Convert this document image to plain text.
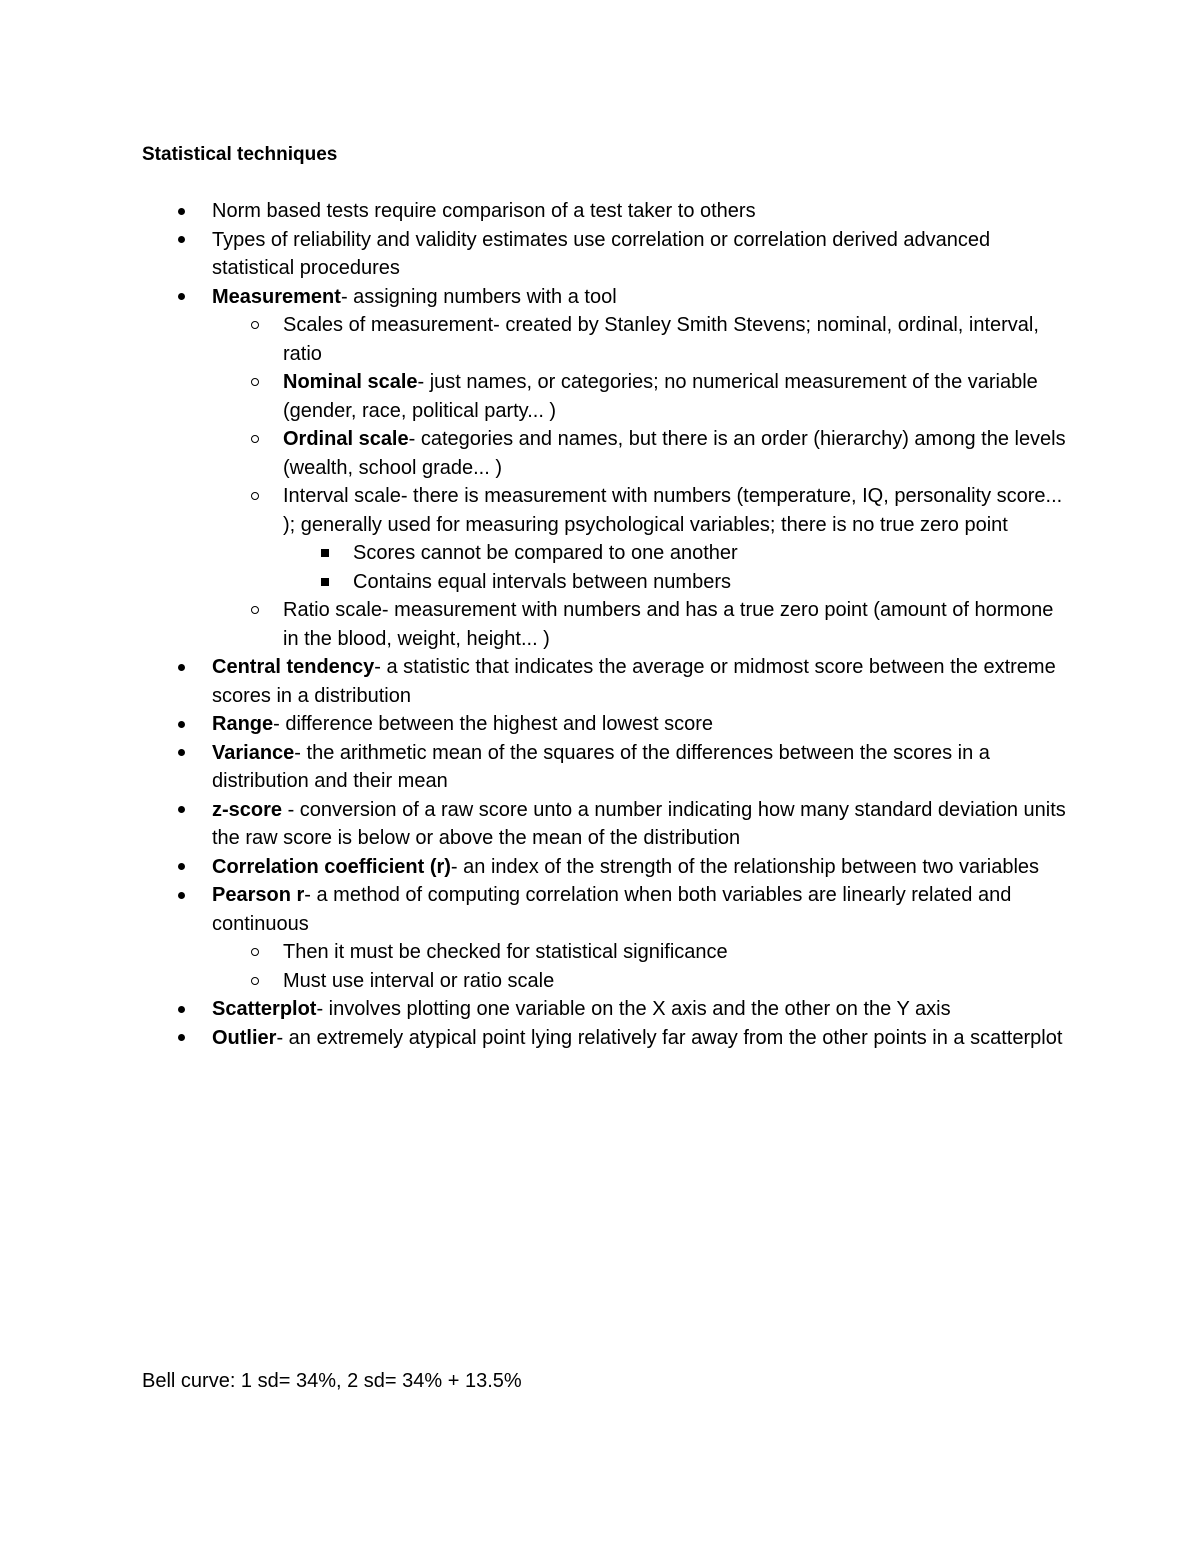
Statistical techniques
Norm based tests require comparison of a test taker to others
Types of reliability and validity estimates use correlation or correlation derived advanced statistical procedures
Measurement- assigning numbers with a tool
Scales of measurement- created by Stanley Smith Stevens; nominal, ordinal, interval, ratio
Nominal scale- just names, or categories; no numerical measurement of the variable (gender, race, political party... )
Ordinal scale- categories and names, but there is an order (hierarchy) among the levels (wealth, school grade... )
Interval scale- there is measurement with numbers (temperature, IQ, personality score... ); generally used for measuring psychological variables; there is no true zero point
Scores cannot be compared to one another
Contains equal intervals between numbers
Ratio scale- measurement with numbers and has a true zero point (amount of hormone in the blood, weight, height... )
Central tendency- a statistic that indicates the average or midmost score between the extreme scores in a distribution
Range- difference between the highest and lowest score
Variance- the arithmetic mean of the squares of the differences between the scores in a distribution and their mean
z-score - conversion of a raw score unto a number indicating how many standard deviation units the raw score is below or above the mean of the distribution
Correlation coefficient (r)- an index of the strength of the relationship between two variables
Pearson r- a method of computing correlation when both variables are linearly related and continuous
Then it must be checked for statistical significance
Must use interval or ratio scale
Scatterplot- involves plotting one variable on the X axis and the other on the Y axis
Outlier- an extremely atypical point lying relatively far away from the other points in a scatterplot

Bell curve: 1 sd= 34%, 2 sd= 34% + 13.5%
